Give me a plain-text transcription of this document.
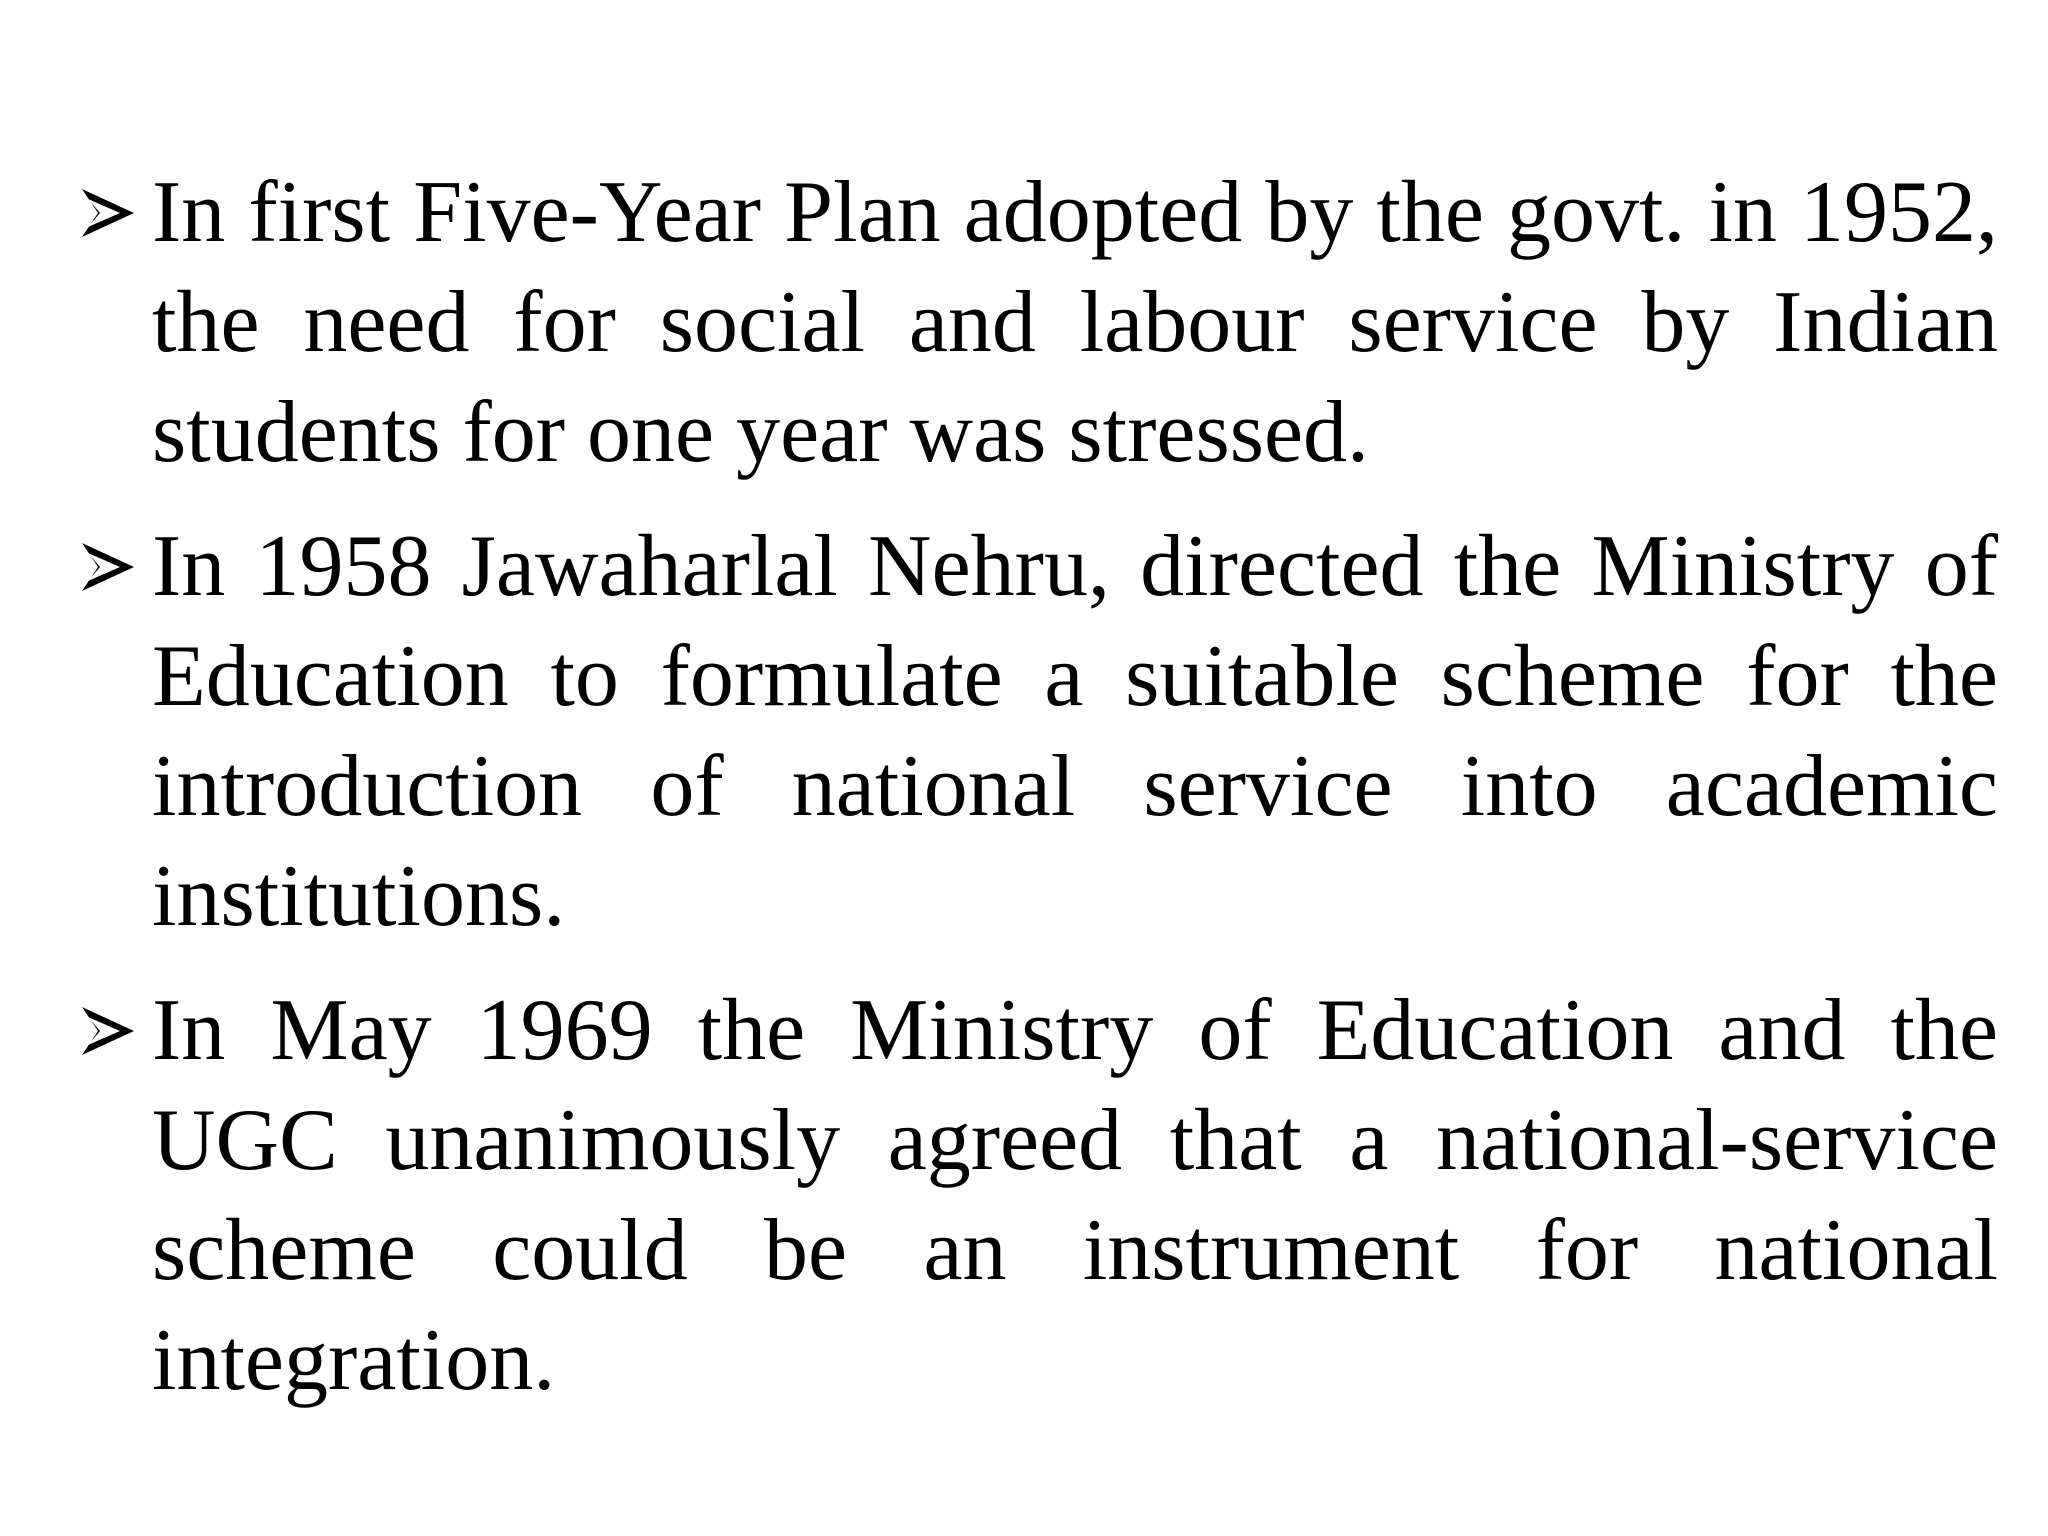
In first Five-Year Plan adopted by the govt. in 1952, the need for social and labour service by Indian students for one year was stressed.

In 1958 Jawaharlal Nehru, directed the Ministry of Education to formulate a suitable scheme for the introduction of national service into academic institutions.

In May 1969 the Ministry of Education and the UGC unanimously agreed that a national-service scheme could be an instrument for national integration.
